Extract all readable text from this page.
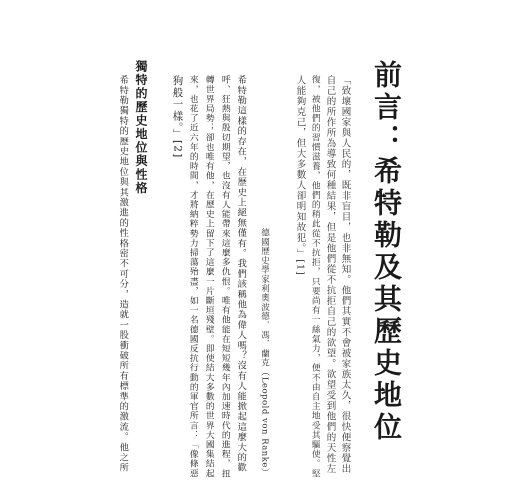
前言：希特勒及其歷史地位
「致壞國家與人民的，既非盲目，也非無知。他們其實不會被家族太久，很快便察覺出
自己的所作所為導致何種結果，但是他們從不抗拒自己的欲望。欲望受到他們的天性左
復，被他們的習慣滋養，他們的稍此從不抗拒，只要尚有一絲氣力，便不由自主地受其驅使。堅
人能夠克己，但大多數人卻明知故犯。」[1]
德國歷史學家利奧波德．馮．蘭克（Leopold von Ranke）
希特勒這樣的存在，在歷史上絕無僅有。我們該稱他為偉人嗎？沒有人能掀起這麼大的歡
呼、狂熱與殷切期望，也沒有人能帶來這麼多仇恨。唯有他能在短短幾年內加速時代的進程，扭
轉世界局勢；卻也唯有他，在歷史上留下了這麼一片斷垣殘壁。即使結大多數的世界大國集結起
來，也花了近六年的時間，才將納粹勢力掃蕩殆盡，如一名德國反抗行動的軍官所言：「像條惡
狗般一樣。」[2]
獨特的歷史地位與性格
希特勒獨特的歷史地位與其激進的性格密不可分，造就一股衝破所有標準的激流。他之所
